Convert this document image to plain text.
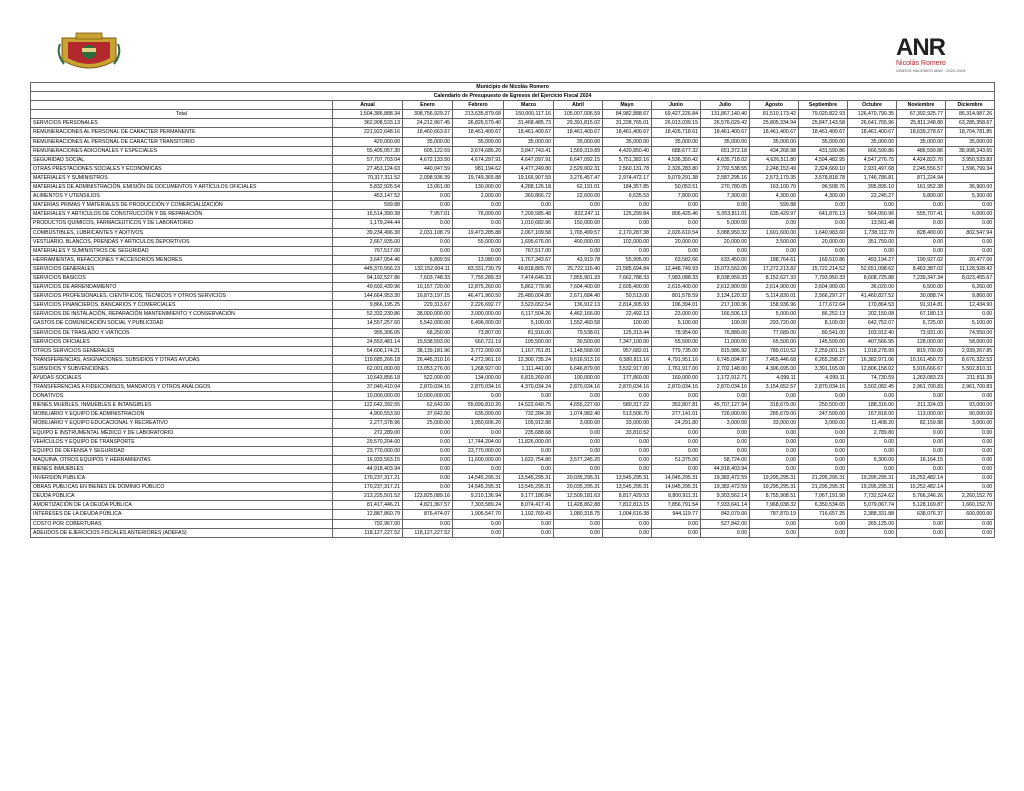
ANR
Nicolás Romero
UNIDOS HACEMOS MÁS · 2022-2024
Municipio de Nicolás Romero													
Calendario de Presupuesto de Egresos del Ejercicio Fiscal 2024													
	Anual	Enero	Febrero	Marzo	Abril	Mayo	Junio	Julio	Agosto	Septiembre	Octubre	Noviembre	Diciembre
Total	1,504,386,888.34	308,756,929.27	213,635,879.68	150,000,117.16	105,007,006.59	84,982,888.67	69,427,226.84	131,867,140.40	81,510,173.42	79,020,822.93	126,470,790.35	67,392,925.77	86,314,987.26
SERVICIOS PERSONALES	362,908,533.13	24,212,967.45	26,826,579.40	31,468,485.73	29,391,815.02	31,228,765.01	26,013,039.15	26,576,029.42	25,805,334.94	25,847,143.58	26,641,765.96	25,811,248.80	63,285,358.67
REMUNERACIONES AL PERSONAL DE CARACTER PERMANENTE	221,922,648.16	18,460,663.67	18,461,400.67	18,461,400.67	18,461,400.67	18,461,400.67	18,426,718.61	18,461,400.67	18,461,400.67	18,461,400.67	18,461,400.67	18,639,278.67	18,704,781.85
REMUNERACIONES AL PERSONAL DE CARACTER TRANSITORIO	420,000.00	35,000.00	35,000.00	35,000.00	35,000.00	35,000.00	35,000.00	35,000.00	35,000.00	35,000.00	35,000.00	35,000.00	35,000.00
REMUNERACIONES ADICIONALES Y ESPECIALES	55,405,057.30	605,122.69	2,674,686.20	3,847,743.41	1,569,319.89	4,420,850.40	688,677.32	651,372.18	434,268.98	431,590.86	666,590.86	486,590.86	38,998,243.65
SEGURIDAD SOCIAL	57,707,703.04	4,672,133.50	4,674,297.91	4,647,097.91	6,647,092.15	5,751,382.16	4,536,350.42	4,635,718.02	4,626,511.80	4,594,482.95	4,547,276.75	4,424,822.70	3,950,533.83
OTRAS PRESTACIONES SOCIALES Y ECONÓMICAS	27,453,124.63	440,047.59	981,194.62	4,477,249.80	2,529,002.31	2,560,131.78	2,326,283.80	2,792,538.55	2,248,153.49	2,324,669.10	2,931,497.68	2,245,556.57	1,596,799.34
MATERIALES Y SUMINISTROS	70,317,311.52	2,098,936.39	19,749,365.88	19,166,907.59	3,276,457.47	2,974,472.17	9,079,291.38	2,587,295.16	2,573,179.35	3,578,818.78	1,746,786.81	871,224.94	
MATERIALES DE ADMINISTRACIÓN, EMISIÓN DE DOCUMENTOS Y ARTÍCULOS OFICIALES	5,832,926.54	13,061.00	130,000.00	4,288,126.18	62,191.01	184,357.85	50,053.51	270,780.05	163,100.70	96,508.76	395,895.10	161,952.38	36,900.00
ALIMENTOS Y UTENSILIOS	453,147.52	0.00	2,000.00	360,866.72	22,600.00	6,635.53	7,800.00	7,300.00	4,300.00	4,300.00	22,245.27	9,800.00	5,300.00
MATERIAS PRIMAS Y MATERIALES DE PRODUCCIÓN Y COMERCIALIZACIÓN	599.88	0.00	0.00	0.00	0.00	0.00	0.00	0.00	599.88	0.00	0.00	0.00	0.00
MATERIALES Y ARTICULOS DE CONSTRUCCIÓN Y DE REPARACIÓN	16,514,390.38	7,957.01	76,000.00	7,209,585.48	832,247.11	125,299.84	806,425.46	5,053,811.01	635,429.97	641,876.13	564,050.96	555,707.41	6,000.00
PRODUCTOS QUIMICOS, FARMACEUTICOS Y DE LABORATORIO	1,179,244.44	0.00	0.00	1,010,682.96	150,000.00	0.00	0.00	5,000.00	0.00	0.00	13,561.48	0.00	0.00
COMBUSTIBLES, LUBRICANTES Y ADITIVOS	39,234,496.30	2,031,108.79	19,473,285.88	2,067,109.58	1,765,499.57	2,170,287.38	2,026,610.54	3,088,950.32	1,601,600.00	1,640,983.60	1,738,112.70	828,400.00	802,547.94
VESTUARIO, BLANCOS, PRENDAS Y ARTICULOS DEPORTIVOS	2,667,935.00	0.00	55,000.00	1,695,676.00	400,000.00	102,000.00	20,000.00	20,000.00	3,500.00	20,000.00	351,759.00	0.00	0.00
MATERIALES Y SUMINISTROS DE SEGURIDAD	767,517.00	0.00	0.00	767,517.00	0.00	0.00	0.00	0.00	0.00	0.00	0.00	0.00	0.00
HERRAMIENTAS, REFACCIONES Y ACCESORIOS MENORES	3,647,054.46	6,809.59	13,080.00	1,767,343.67	43,919.78	55,995.00	63,582.66	633,450.00	188,764.61	169,510.86	493,194.27	190,927.02	20,477.00
SERVICIOS GENERALES	445,370,566.23	132,152,004.11	83,331,730.79	49,818,865.70	25,722,116.40	21,585,694.84	12,448,749.93	15,073,562.06	17,272,213.82	15,722,214.52	52,651,098.62	8,463,387.02	11,128,928.42
SERVICIOS BASICOS	94,192,527.86	7,603,748.33	7,755,289.33	7,474,646.33	7,855,901.33	7,662,788.33	7,983,088.33	8,038,959.33	8,152,627.33	7,793,950.33	8,608,725.88	7,239,347.34	8,023,455.67
SERVICIOS DE ARRENDAMIENTO	49,602,439.96	10,157,720.00	12,875,260.00	5,862,779.96	7,604,400.00	2,605,400.00	2,615,400.00	2,612,900.00	2,614,900.00	2,604,900.00	36,020.00	6,500.00	6,260.00
SERVICIOS PROFESIONALES, CIENTÍFICOS, TÉCNICOS Y OTROS SERVICIOS	144,664,953.30	16,873,197.15	46,471,960.50	25,480,004.80	2,671,684.40	50,513.00	801,578.59	3,134,120.32	5,114,830.01	2,566,297.27	41,460,827.52	30,088.74	9,860.00
SERVICIOS FINANCIEROS, BANCARIOS Y COMERCIALES	9,866,195.25	229,313.67	2,226,692.77	3,523,652.54	136,912.13	2,814,305.93	106,394.01	217,100.36	158,936.96	177,672.64	170,864.53	91,914.81	12,434.90
SERVICIOS DE INSTALACIÓN, REPARACIÓN MANTENIMIENTO Y CONSERVACIÓN	52,332,230.86	38,000,000.00	3,000,000.00	6,117,504.26	4,462,166.00	22,492.13	23,000.00	166,506.13	5,000.00	86,252.13	202,150.08	67,180.13	0.00
GASTOS DE COMUNICACIÓN SOCIAL Y PUBLICIDAD	14,557,257.60	5,542,000.00	6,496,000.00	5,100.00	1,552,460.58	100.00	5,100.00	100.00	293,720.00	8,100.00	642,752.07	6,725.00	5,100.00
SERVICIOS DE TRASLADO Y VIÁTICOS	955,306.05	68,250.00	73,807.00	81,916.00	79,538.01	125,313.44	78,954.00	76,889.00	77,689.00	80,541.00	103,912.40	73,931.00	74,550.00
SERVICIOS OFICIALES	24,553,481.14	15,538,593.00	660,721.19	105,500.00	30,500.00	7,347,100.00	55,500.00	11,000.00	65,500.00	145,500.00	407,566.95	128,000.00	58,000.00
OTROS SERVICIOS GENERALES	54,606,174.21	38,139,181.96	3,772,000.00	1,167,761.81	1,148,568.00	957,682.01	779,735.00	815,986.92	789,010.52	2,259,001.15	1,018,278.99	819,700.00	2,939,267.85
TRANSFERENCIAS, ASIGNACIONES, SUBSIDIOS Y OTRAS AYUDAS	119,685,266.18	26,445,310.16	4,272,961.16	12,300,735.24	9,616,913.16	6,580,811.16	4,791,951.16	6,745,094.87	7,465,446.68	6,265,298.27	16,382,971.06	10,161,450.73	8,676,322.53
SUBSIDIOS Y SUBVENCIONES	62,001,000.00	13,053,276.00	1,268,927.00	1,111,441.00	6,646,879.00	3,532,917.00	1,761,917.00	2,702,148.00	4,306,695.00	3,391,165.00	12,806,158.02	5,916,666.67	5,502,810.31
AYUDAS SOCIALES	10,643,856.18	522,000.00	134,000.00	6,819,260.00	100,000.00	177,860.00	160,000.00	1,172,912.71	4,099.11	4,099.11	74,730.59	1,263,083.23	211,811.39
TRANSFERENCIAS A FIDEICOMISOS, MANDATOS Y OTROS ANÁLOGOS	37,040,410.04	2,870,034.16	2,870,034.16	4,370,034.24	2,870,034.16	2,870,034.16	2,870,034.16	2,870,034.16	3,154,652.57	2,870,034.16	3,502,082.45	2,961,700.83	2,961,700.83
DONATIVOS	10,000,000.00	10,000,000.00	0.00	0.00	0.00	0.00	0.00	0.00	0.00	0.00	0.00	0.00	0.00
BIENES MUEBLES, INMUEBLES E INTANGIBLES	122,642,392.55	62,642.00	55,699,810.20	14,522,640.75	4,655,227.60	580,317.22	352,807.81	45,707,127.94	318,679.00	250,500.00	188,316.00	211,324.03	93,000.00
MOBILIARIO Y EQUIPO DE ADMINISTRACION	4,900,553.50	37,642.00	635,000.00	732,284.39	1,074,982.40	513,506.70	277,141.01	726,000.00	285,679.00	247,500.00	167,818.00	113,000.00	90,000.00
MOBILIARIO Y EQUIPO EDUCACIONAL Y RECREATIVO	2,277,378.96	25,000.00	1,950,606.20	105,912.88	3,000.00	33,000.00	24,291.80	3,000.00	33,000.00	3,000.00	11,408.20	82,159.88	3,000.00
EQUIPO E INSTRUMENTAL MÉDICO Y DE LABORATORIO	272,289.00	0.00	0.00	235,688.68	0.00	33,810.52	0.00	0.00	0.00	0.00	2,789.80	0.00	0.00
VEHÍCULOS Y EQUIPO DE TRANSPORTE	29,570,204.00	0.00	17,744,204.00	11,826,000.00	0.00	0.00	0.00	0.00	0.00	0.00	0.00	0.00	0.00
EQUIPO DE DEFENSA Y SEGURIDAD	23,770,000.00	0.00	23,770,000.00	0.00	0.00	0.00	0.00	0.00	0.00	0.00	0.00	0.00	0.00
MAQUINA, OTROS EQUIPOS Y HERRAMIENTAS	16,933,563.15	0.00	11,600,000.00	1,622,754.80	3,577,245.20	0.00	51,375.00	58,724.00	0.00	0.00	6,300.00	16,164.15	0.00
BIENES INMUEBLES	44,918,403.94	0.00	0.00	0.00	0.00	0.00	0.00	44,918,403.94	0.00	0.00	0.00	0.00	0.00
INVERSION PUBLICA	170,237,317.21	0.00	14,545,295.31	13,545,295.31	20,035,295.31	13,545,295.31	14,045,295.31	19,382,472.59	19,295,295.31	21,295,295.31	19,295,295.31	15,252,482.14	0.00
OBRAS PUBLICAS EN BIENES DE DOMINIO PÚBLICO	170,237,317.21	0.00	14,545,295.31	13,545,295.31	20,035,295.31	13,545,295.31	14,045,295.31	19,382,472.59	19,295,295.31	21,295,295.31	19,295,295.31	15,252,482.14	0.00
DEUDA PÚBLICA	213,225,501.52	123,825,089.16	9,210,136.94	9,177,186.84	12,509,181.63	8,817,429.53	8,800,911.31	9,303,562.14	8,755,908.51	7,067,191.90	7,732,524.62	5,766,246.26	2,260,152.70
AMORTIZACIÓN DE LA DEUDA PÚBLICA	81,417,446.21	4,821,367.57	7,303,589.24	8,074,417.41	11,428,862.88	7,812,813.15	7,856,791.54	7,933,641.14	7,968,038.32	6,350,534.65	5,079,067.74	5,128,169.87	1,660,152.70
INTERESES DE LA DEUDA PÚBLICA	12,887,860.79	876,474.07	1,906,547.70	1,102,769.43	1,080,318.75	1,004,616.38	944,119.77	842,079.00	787,870.19	716,657.25	2,388,331.88	638,076.37	600,000.00
COSTO POR COBERTURAS	792,967.00	0.00	0.00	0.00	0.00	0.00	0.00	527,842.00	0.00	0.00	265,125.00	0.00	0.00
ADEUDOS DE EJERCICIOS FISCALES ANTERIORES (ADEFAS)	118,127,227.52	118,127,227.52	0.00	0.00	0.00	0.00	0.00	0.00	0.00	0.00	0.00	0.00	0.00
